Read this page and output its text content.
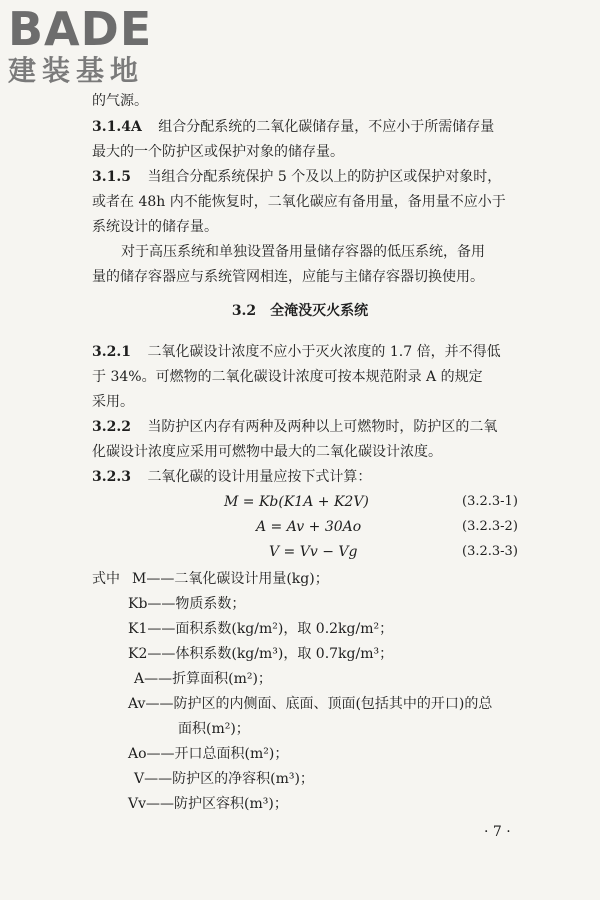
BADE
建装基地
的气源。
3.1.4A 组合分配系统的二氧化碳储存量，不应小于所需储存量
最大的一个防护区或保护对象的储存量。
3.1.5 当组合分配系统保护 5 个及以上的防护区或保护对象时，
或者在 48h 内不能恢复时，二氧化碳应有备用量，备用量不应小于
系统设计的储存量。
对于高压系统和单独设置备用量储存容器的低压系统，备用
量的储存容器应与系统管网相连，应能与主储存容器切换使用。
3.2　全淹没灭火系统
3.2.1 二氧化碳设计浓度不应小于灭火浓度的 1.7 倍，并不得低
于 34%。可燃物的二氧化碳设计浓度可按本规范附录 A 的规定
采用。
3.2.2 当防护区内存有两种及两种以上可燃物时，防护区的二氧
化碳设计浓度应采用可燃物中最大的二氧化碳设计浓度。
3.2.3 二氧化碳的设计用量应按下式计算：
M = Kb(K1A + K2V)	(3.2.3-1)
A = Av + 30Ao	(3.2.3-2)
V = Vv − Vg	(3.2.3-3)
式中 M——二氧化碳设计用量(kg)；
Kb——物质系数；
K1——面积系数(kg/m²)，取 0.2kg/m²；
K2——体积系数(kg/m³)，取 0.7kg/m³；
A——折算面积(m²)；
Av——防护区的内侧面、底面、顶面(包括其中的开口)的总
面积(m²)；
Ao——开口总面积(m²)；
V——防护区的净容积(m³)；
Vv——防护区容积(m³)；
· 7 ·
